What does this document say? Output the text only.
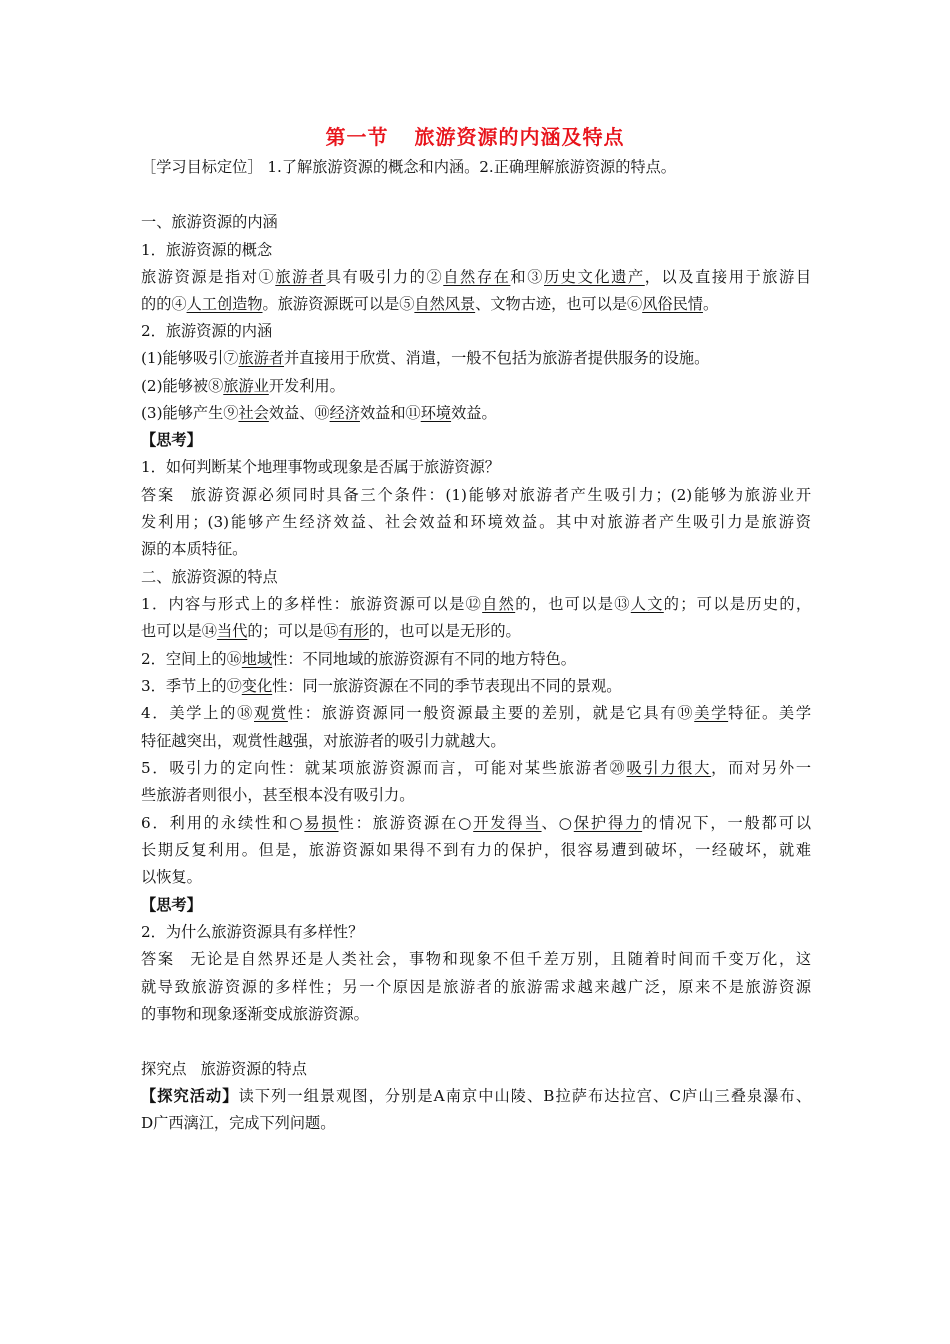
第一节 旅游资源的内涵及特点
［学习目标定位］ 1.了解旅游资源的概念和内涵。2.正确理解旅游资源的特点。
一、旅游资源的内涵
1．旅游资源的概念
旅游资源是指对①旅游者具有吸引力的②自然存在和③历史文化遗产，以及直接用于旅游目
的的④人工创造物。旅游资源既可以是⑤自然风景、文物古迹，也可以是⑥风俗民情。
2．旅游资源的内涵
(1)能够吸引⑦旅游者并直接用于欣赏、消遣，一般不包括为旅游者提供服务的设施。
(2)能够被⑧旅游业开发利用。
(3)能够产生⑨社会效益、⑩经济效益和⑪环境效益。
【思考】
1．如何判断某个地理事物或现象是否属于旅游资源？
答案 旅游资源必须同时具备三个条件：(1)能够对旅游者产生吸引力；(2)能够为旅游业开
发利用；(3)能够产生经济效益、社会效益和环境效益。其中对旅游者产生吸引力是旅游资
源的本质特征。
二、旅游资源的特点
1．内容与形式上的多样性：旅游资源可以是⑫自然的，也可以是⑬人文的；可以是历史的，
也可以是⑭当代的；可以是⑮有形的，也可以是无形的。
2．空间上的⑯地域性：不同地域的旅游资源有不同的地方特色。
3．季节上的⑰变化性：同一旅游资源在不同的季节表现出不同的景观。
4．美学上的⑱观赏性：旅游资源同一般资源最主要的差别，就是它具有⑲美学特征。美学
特征越突出，观赏性越强，对旅游者的吸引力就越大。
5．吸引力的定向性：就某项旅游资源而言，可能对某些旅游者⑳吸引力很大，而对另外一
些旅游者则很小，甚至根本没有吸引力。
6．利用的永续性和○易损性：旅游资源在○开发得当、○保护得力的情况下，一般都可以
长期反复利用。但是，旅游资源如果得不到有力的保护，很容易遭到破坏，一经破坏，就难
以恢复。
【思考】
2．为什么旅游资源具有多样性？
答案 无论是自然界还是人类社会，事物和现象不但千差万别，且随着时间而千变万化，这
就导致旅游资源的多样性；另一个原因是旅游者的旅游需求越来越广泛，原来不是旅游资源
的事物和现象逐渐变成旅游资源。
探究点 旅游资源的特点
【探究活动】读下列一组景观图，分别是A南京中山陵、B拉萨布达拉宫、C庐山三叠泉瀑布、
D广西漓江，完成下列问题。
